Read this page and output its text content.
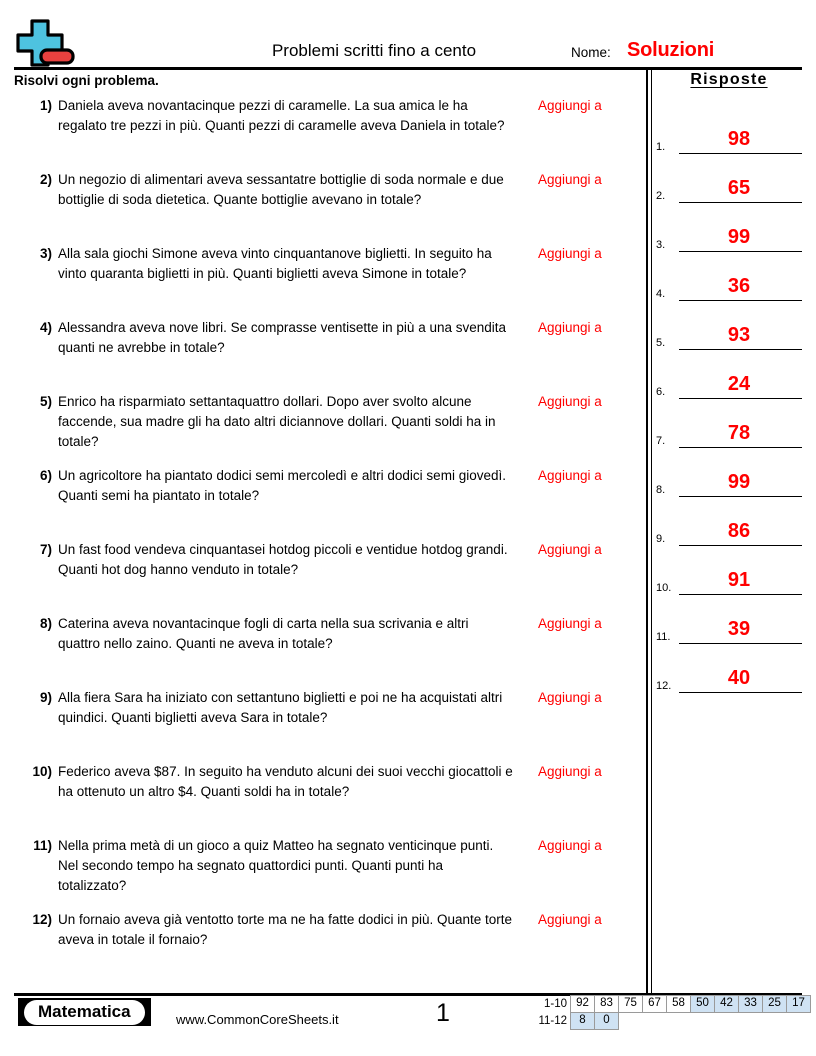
Problemi scritti fino a cento	Nome: Soluzioni
Risolvi ogni problema.
1) Daniela aveva novantacinque pezzi di caramelle. La sua amica le ha regalato tre pezzi in più. Quanti pezzi di caramelle aveva Daniela in totale?
Aggiungi a
2) Un negozio di alimentari aveva sessantatre bottiglie di soda normale e due bottiglie di soda dietetica. Quante bottiglie avevano in totale?
Aggiungi a
3) Alla sala giochi Simone aveva vinto cinquantanove biglietti. In seguito ha vinto quaranta biglietti in più. Quanti biglietti aveva Simone in totale?
Aggiungi a
4) Alessandra aveva nove libri. Se comprasse ventisette in più a una svendita quanti ne avrebbe in totale?
Aggiungi a
5) Enrico ha risparmiato settantaquattro dollari. Dopo aver svolto alcune faccende, sua madre gli ha dato altri diciannove dollari. Quanti soldi ha in totale?
Aggiungi a
6) Un agricoltore ha piantato dodici semi mercoledì e altri dodici semi giovedì. Quanti semi ha piantato in totale?
Aggiungi a
7) Un fast food vendeva cinquantasei hotdog piccoli e ventidue hotdog grandi. Quanti hot dog hanno venduto in totale?
Aggiungi a
8) Caterina aveva novantacinque fogli di carta nella sua scrivania e altri quattro nello zaino. Quanti ne aveva in totale?
Aggiungi a
9) Alla fiera Sara ha iniziato con settantuno biglietti e poi ne ha acquistati altri quindici. Quanti biglietti aveva Sara in totale?
Aggiungi a
10) Federico aveva $87. In seguito ha venduto alcuni dei suoi vecchi giocattoli e ha ottenuto un altro $4. Quanti soldi ha in totale?
Aggiungi a
11) Nella prima metà di un gioco a quiz Matteo ha segnato venticinque punti. Nel secondo tempo ha segnato quattordici punti. Quanti punti ha totalizzato?
Aggiungi a
12) Un fornaio aveva già ventotto torte ma ne ha fatte dodici in più. Quante torte aveva in totale il fornaio?
Aggiungi a
Risposte
1.	98
2.	65
3.	99
4.	36
5.	93
6.	24
7.	78
8.	99
9.	86
10.	91
11.	39
12.	40
Matematica	www.CommonCoreSheets.it	1	1-10 92 83 75 67 58 50 42 33 25 17
11-12	8	0
